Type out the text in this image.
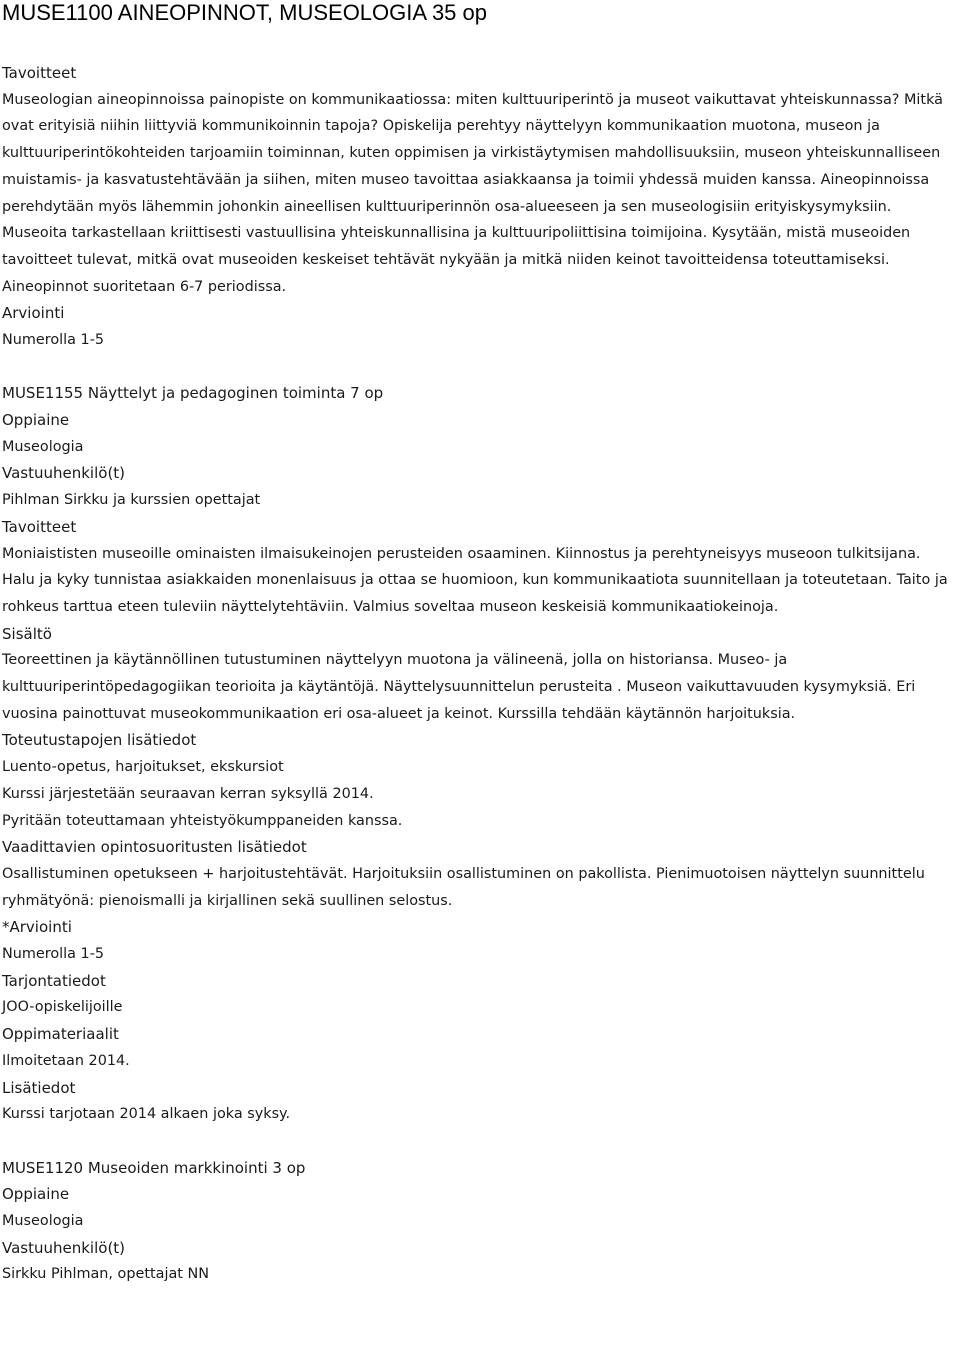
MUSE1100 AINEOPINNOT, MUSEOLOGIA 35 op
Tavoitteet
Museologian aineopinnoissa painopiste on kommunikaatiossa: miten kulttuuriperintö ja museot vaikuttavat yhteiskunnassa? Mitkä ovat erityisiä niihin liittyviä kommunikoinnin tapoja? Opiskelija perehtyy näyttelyyn kommunikaation muotona, museon ja kulttuuriperintökohteiden tarjoamiin toiminnan, kuten oppimisen ja virkistäytymisen mahdollisuuksiin, museon yhteiskunnalliseen muistamis- ja kasvatustehtävään ja siihen, miten museo tavoittaa asiakkaansa ja toimii yhdessä muiden kanssa. Aineopinnoissa perehdytään myös lähemmin johonkin aineellisen kulttuuriperinnön osa-alueeseen ja sen museologisiin erityiskysymyksiin. Museoita tarkastellaan kriittisesti vastuullisina yhteiskunnallisina ja kulttuuripoliittisina toimijoina. Kysytään, mistä museoiden tavoitteet tulevat, mitkä ovat museoiden keskeiset tehtävät nykyään ja mitkä niiden keinot tavoitteidensa toteuttamiseksi. Aineopinnot suoritetaan 6-7 periodissa.
Arviointi
Numerolla 1-5
MUSE1155 Näyttelyt ja pedagoginen toiminta 7 op
Oppiaine
Museologia
Vastuuhenkilö(t)
Pihlman Sirkku ja kurssien opettajat
Tavoitteet
Moniaististen museoille ominaisten ilmaisukeinojen perusteiden osaaminen. Kiinnostus ja perehtyneisyys museoon tulkitsijana. Halu ja kyky tunnistaa asiakkaiden monenlaisuus ja ottaa se huomioon, kun kommunikaatiota suunnitellaan ja toteutetaan. Taito ja rohkeus tarttua eteen tuleviin näyttelytehtäviin. Valmius soveltaa museon keskeisiä kommunikaatiokeinoja.
Sisältö
Teoreettinen ja käytännöllinen tutustuminen näyttelyyn muotona ja välineenä, jolla on historiansa. Museo- ja kulttuuriperintöpedagogiikan teorioita ja käytäntöjä. Näyttelysuunnittelun perusteita . Museon vaikuttavuuden kysymyksiä. Eri vuosina painottuvat museokommunikaation eri osa-alueet ja keinot. Kurssilla tehdään käytännön harjoituksia.
Toteutustapojen lisätiedot
Luento-opetus, harjoitukset, ekskursiot
Kurssi järjestetään seuraavan kerran syksyllä 2014.
Pyritään toteuttamaan yhteistyökumppaneiden kanssa.
Vaadittavien opintosuoritusten lisätiedot
Osallistuminen opetukseen + harjoitustehtävät. Harjoituksiin osallistuminen on pakollista. Pienimuotoisen näyttelyn suunnittelu ryhmätyönä: pienoismalli ja kirjallinen sekä suullinen selostus.
*Arviointi
Numerolla 1-5
Tarjontatiedot
JOO-opiskelijoille
Oppimateriaalit
Ilmoitetaan 2014.
Lisätiedot
Kurssi tarjotaan 2014 alkaen joka syksy.
MUSE1120 Museoiden markkinointi 3 op
Oppiaine
Museologia
Vastuuhenkilö(t)
Sirkku Pihlman, opettajat NN
